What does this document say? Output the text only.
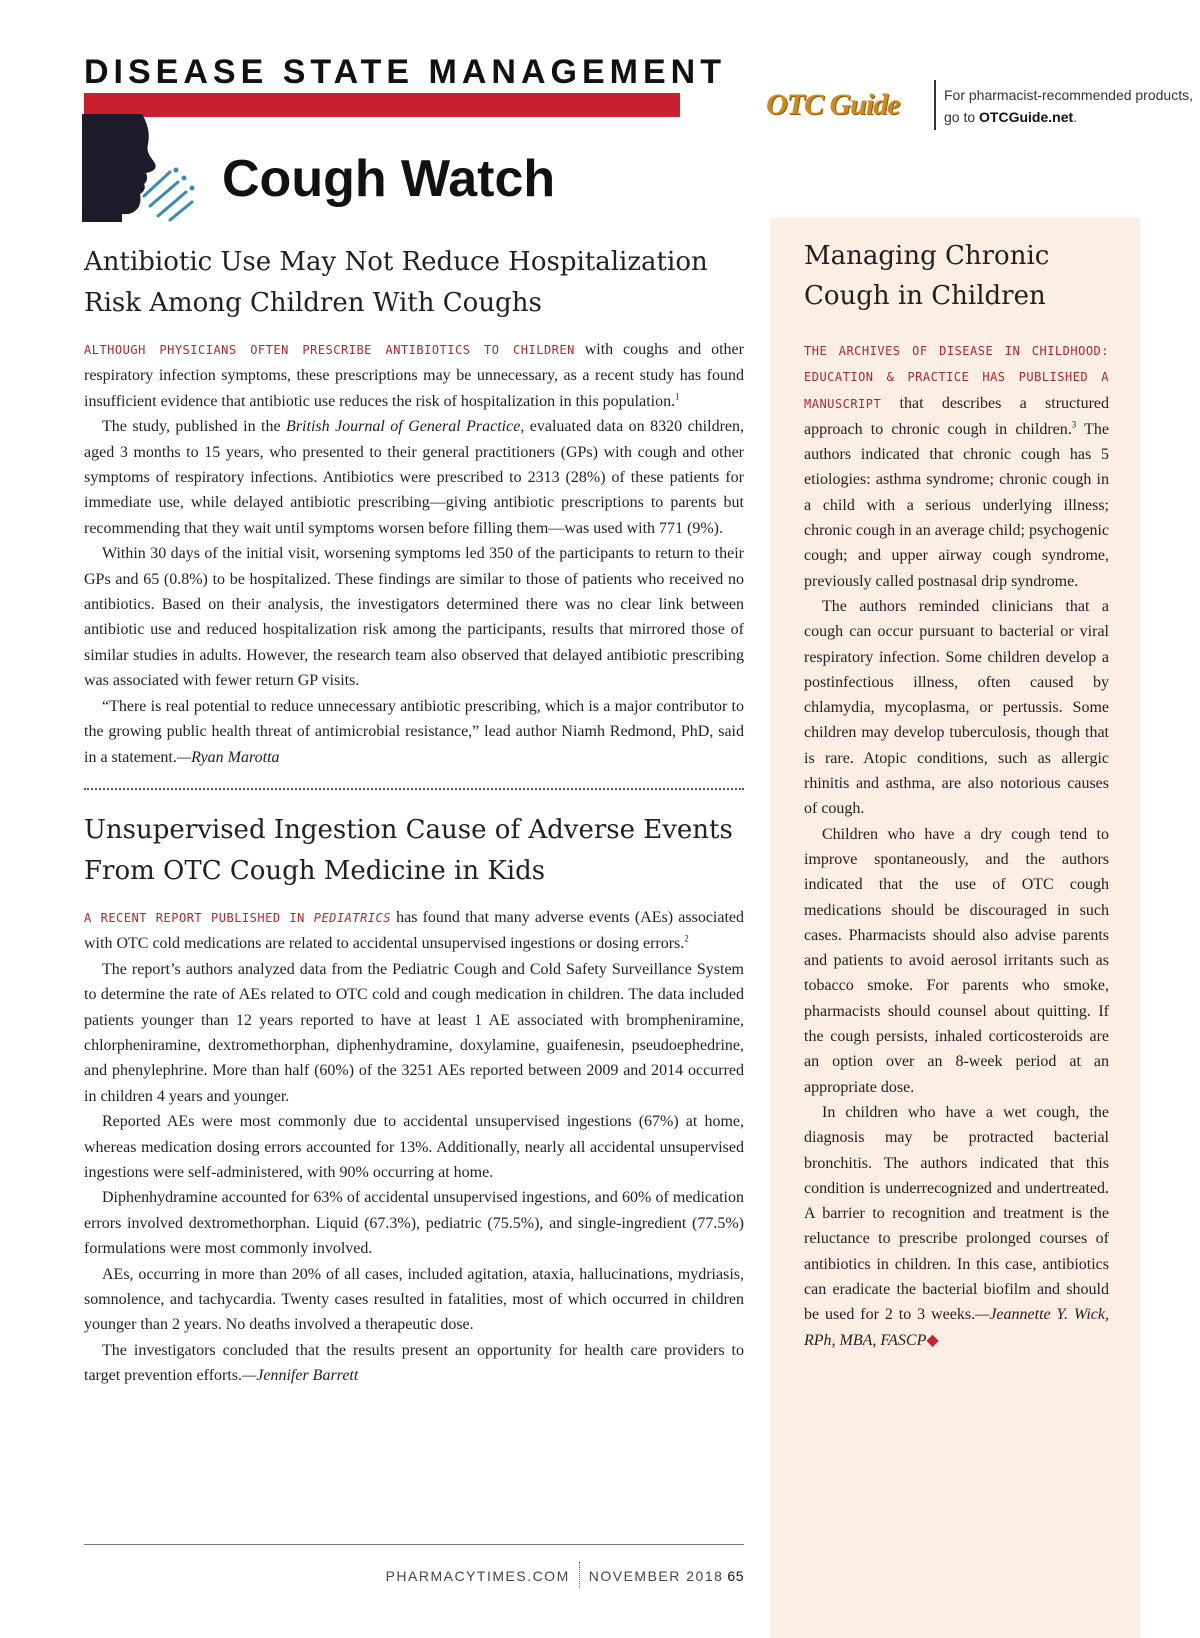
DISEASE STATE MANAGEMENT
Cough Watch
OTC Guide	For pharmacist-recommended products, go to OTCGuide.net.
Antibiotic Use May Not Reduce Hospitalization Risk Among Children With Coughs

ALTHOUGH PHYSICIANS OFTEN PRESCRIBE ANTIBIOTICS TO CHILDREN with coughs and other respiratory infection symptoms, these prescriptions may be unnecessary, as a recent study has found insufficient evidence that antibiotic use reduces the risk of hospitalization in this population.$^1$

The study, published in the British Journal of General Practice, evaluated data on 8320 children, aged 3 months to 15 years, who presented to their general practitioners (GPs) with cough and other symptoms of respiratory infections. Antibiotics were prescribed to 2313 (28%) of these patients for immediate use, while delayed antibiotic prescribing—giving antibiotic prescriptions to parents but recommending that they wait until symptoms worsen before filling them—was used with 771 (9%).

Within 30 days of the initial visit, worsening symptoms led 350 of the participants to return to their GPs and 65 (0.8%) to be hospitalized. These findings are similar to those of patients who received no antibiotics. Based on their analysis, the investigators determined there was no clear link between antibiotic use and reduced hospitalization risk among the participants, results that mirrored those of similar studies in adults. However, the research team also observed that delayed antibiotic prescribing was associated with fewer return GP visits.

“There is real potential to reduce unnecessary antibiotic prescribing, which is a major contributor to the growing public health threat of antimicrobial resistance,” lead author Niamh Redmond, PhD, said in a statement.—Ryan Marotta

Unsupervised Ingestion Cause of Adverse Events From OTC Cough Medicine in Kids

A RECENT REPORT PUBLISHED IN PEDIATRICS has found that many adverse events (AEs) associated with OTC cold medications are related to accidental unsupervised ingestions or dosing errors.$^2$

The report’s authors analyzed data from the Pediatric Cough and Cold Safety Surveillance System to determine the rate of AEs related to OTC cold and cough medication in children. The data included patients younger than 12 years reported to have at least 1 AE associated with brompheniramine, chlorpheniramine, dextromethorphan, diphenhydramine, doxylamine, guaifenesin, pseudoephedrine, and phenylephrine. More than half (60%) of the 3251 AEs reported between 2009 and 2014 occurred in children 4 years and younger.

Reported AEs were most commonly due to accidental unsupervised ingestions (67%) at home, whereas medication dosing errors accounted for 13%. Additionally, nearly all accidental unsupervised ingestions were self-administered, with 90% occurring at home.

Diphenhydramine accounted for 63% of accidental unsupervised ingestions, and 60% of medication errors involved dextromethorphan. Liquid (67.3%), pediatric (75.5%), and single-ingredient (77.5%) formulations were most commonly involved.

AEs, occurring in more than 20% of all cases, included agitation, ataxia, hallucinations, mydriasis, somnolence, and tachycardia. Twenty cases resulted in fatalities, most of which occurred in children younger than 2 years. No deaths involved a therapeutic dose.

The investigators concluded that the results present an opportunity for health care providers to target prevention efforts.—Jennifer Barrett

Managing Chronic Cough in Children

THE ARCHIVES OF DISEASE IN CHILDHOOD: EDUCATION & PRACTICE HAS PUBLISHED A MANUSCRIPT that describes a structured approach to chronic cough in children.$^3$ The authors indicated that chronic cough has 5 etiologies: asthma syndrome; chronic cough in a child with a serious underlying illness; chronic cough in an average child; psychogenic cough; and upper airway cough syndrome, previously called postnasal drip syndrome.

The authors reminded clinicians that a cough can occur pursuant to bacterial or viral respiratory infection. Some children develop a postinfectious illness, often caused by chlamydia, mycoplasma, or pertussis. Some children may develop tuberculosis, though that is rare. Atopic conditions, such as allergic rhinitis and asthma, are also notorious causes of cough.

Children who have a dry cough tend to improve spontaneously, and the authors indicated that the use of OTC cough medications should be discouraged in such cases. Pharmacists should also advise parents and patients to avoid aerosol irritants such as tobacco smoke. For parents who smoke, pharmacists should counsel about quitting. If the cough persists, inhaled corticosteroids are an option over an 8-week period at an appropriate dose.

In children who have a wet cough, the diagnosis may be protracted bacterial bronchitis. The authors indicated that this condition is underrecognized and undertreated. A barrier to recognition and treatment is the reluctance to prescribe prolonged courses of antibiotics in children. In this case, antibiotics can eradicate the bacterial biofilm and should be used for 2 to 3 weeks.—Jeannette Y. Wick, RPh, MBA, FASCP◆

PHARMACYTIMES.COM NOVEMBER 2018 65
